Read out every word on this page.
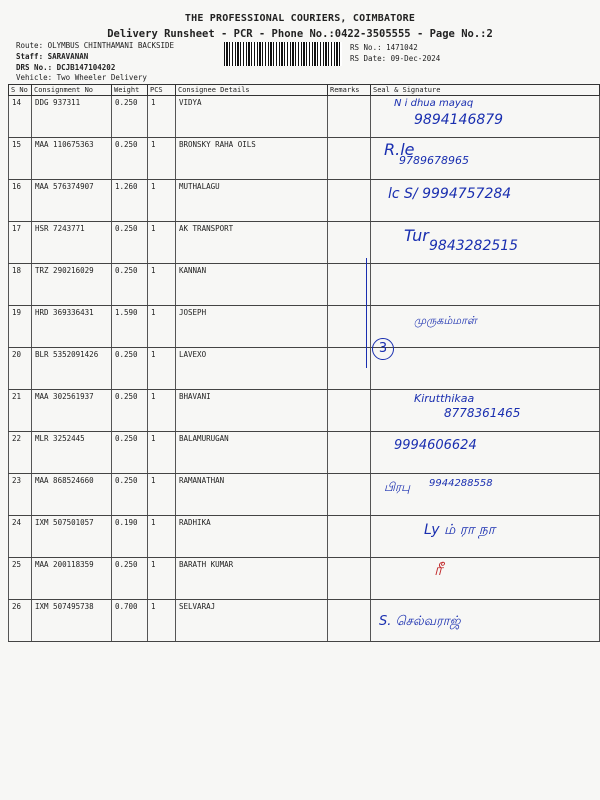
THE PROFESSIONAL COURIERS, COIMBATORE
Delivery Runsheet - PCR - Phone No.:0422-3505555 - Page No.:2
Route: OLYMBUS CHINTHAMANI BACKSIDE
Staff: SARAVANAN
DRS No.: DCJB147104202
Vehicle: Two Wheeler Delivery
RS No.: 1471042
RS Date: 09-Dec-2024
S No	Consignment No	Weight	PCS	Consignee Details	Remarks	Seal & Signature
14	DDG 937311	0.250	1	VIDYA		N i dhua mayaq
9894146879

15	MAA 110675363	0.250	1	BRONSKY RAHA OILS		R.le
9789678965

16	MAA 576374907	1.260	1	MUTHALAGU		lc S/ 9994757284

17	HSR 7243771	0.250	1	AK TRANSPORT		Tur
9843282515

18	TRZ 290216029	0.250	1	KANNAN		

19	HRD 369336431	1.590	1	JOSEPH		முருகம்மாள்

20	BLR 5352091426	0.250	1	LAVEXO		

21	MAA 302561937	0.250	1	BHAVANI		Kirutthikaa
8778361465

22	MLR 3252445	0.250	1	BALAMURUGAN		9994606624

23	MAA 868524660	0.250	1	RAMANATHAN		பிரபு 9944288558

24	IXM 507501057	0.190	1	RADHIKA		Ly ம் ரா நா

25	MAA 200118359	0.250	1	BARATH KUMAR		ரீ

26	IXM 507495738	0.700	1	SELVARAJ		S. செல்வராஜ்
3
